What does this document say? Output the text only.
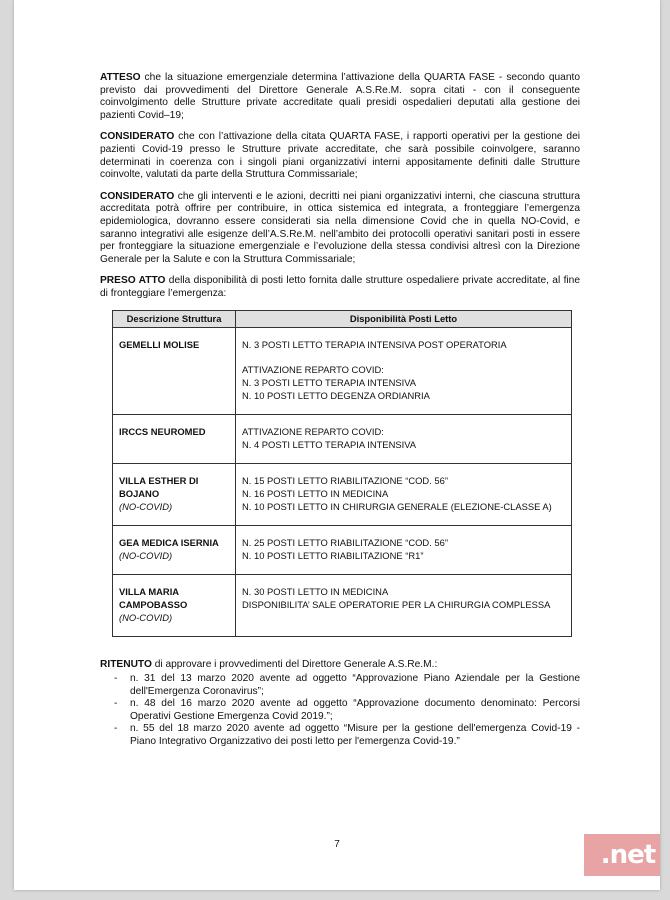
ATTESO che la situazione emergenziale determina l’attivazione della QUARTA FASE - secondo quanto previsto dai provvedimenti del Direttore Generale A.S.Re.M. sopra citati - con il conseguente coinvolgimento delle Strutture private accreditate quali presidi ospedalieri deputati alla gestione dei pazienti Covid–19;

CONSIDERATO che con l’attivazione della citata QUARTA FASE, i rapporti operativi per la gestione dei pazienti Covid-19 presso le Strutture private accreditate, che sarà possibile coinvolgere, saranno determinati in coerenza con i singoli piani organizzativi interni appositamente definiti dalle Strutture coinvolte, valutati da parte della Struttura Commissariale;

CONSIDERATO che gli interventi e le azioni, decritti nei piani organizzativi interni, che ciascuna struttura accreditata potrà offrire per contribuire, in ottica sistemica ed integrata, a fronteggiare l’emergenza epidemiologica, dovranno essere considerati sia nella dimensione Covid che in quella NO-Covid, e saranno integrativi alle esigenze dell’A.S.Re.M. nell’ambito dei protocolli operativi sanitari posti in essere per fronteggiare la situazione emergenziale e l’evoluzione della stessa condivisi altresì con la Direzione Generale per la Salute e con la Struttura Commissariale;

PRESO ATTO della disponibilità di posti letto fornita dalle strutture ospedaliere private accreditate, al fine di fronteggiare l’emergenza:

Descrizione Struttura	Disponibilità Posti Letto

GEMELLI MOLISE	N. 3 POSTI LETTO TERAPIA INTENSIVA POST OPERATORIA
ATTIVAZIONE REPARTO COVID:
N. 3 POSTI LETTO TERAPIA INTENSIVA
N. 10 POSTI LETTO DEGENZA ORDIANRIA

IRCCS NEUROMED	ATTIVAZIONE REPARTO COVID:
N. 4 POSTI LETTO TERAPIA INTENSIVA

VILLA ESTHER DI
BOJANO
(NO-COVID)	N. 15 POSTI LETTO RIABILITAZIONE “COD. 56”
N. 16 POSTI LETTO IN MEDICINA
N. 10 POSTI LETTO IN CHIRURGIA GENERALE (ELEZIONE-CLASSE A)

GEA MEDICA ISERNIA
(NO-COVID)	N. 25 POSTI LETTO RIABILITAZIONE “COD. 56”
N. 10 POSTI LETTO RIABILITAZIONE “R1”

VILLA MARIA
CAMPOBASSO
(NO-COVID)	N. 30 POSTI LETTO IN MEDICINA
DISPONIBILITA’ SALE OPERATORIE PER LA CHIRURGIA COMPLESSA

RITENUTO di approvare i provvedimenti del Direttore Generale A.S.Re.M.:

- n. 31 del 13 marzo 2020 avente ad oggetto “Approvazione Piano Aziendale per la Gestione dell'Emergenza Coronavirus”;
- n. 48 del 16 marzo 2020 avente ad oggetto “Approvazione documento denominato: Percorsi Operativi Gestione Emergenza Covid 2019.”;
- n. 55 del 18 marzo 2020 avente ad oggetto “Misure per la gestione dell'emergenza Covid-19 - Piano Integrativo Organizzativo dei posti letto per l'emergenza Covid-19.”
7	.net
